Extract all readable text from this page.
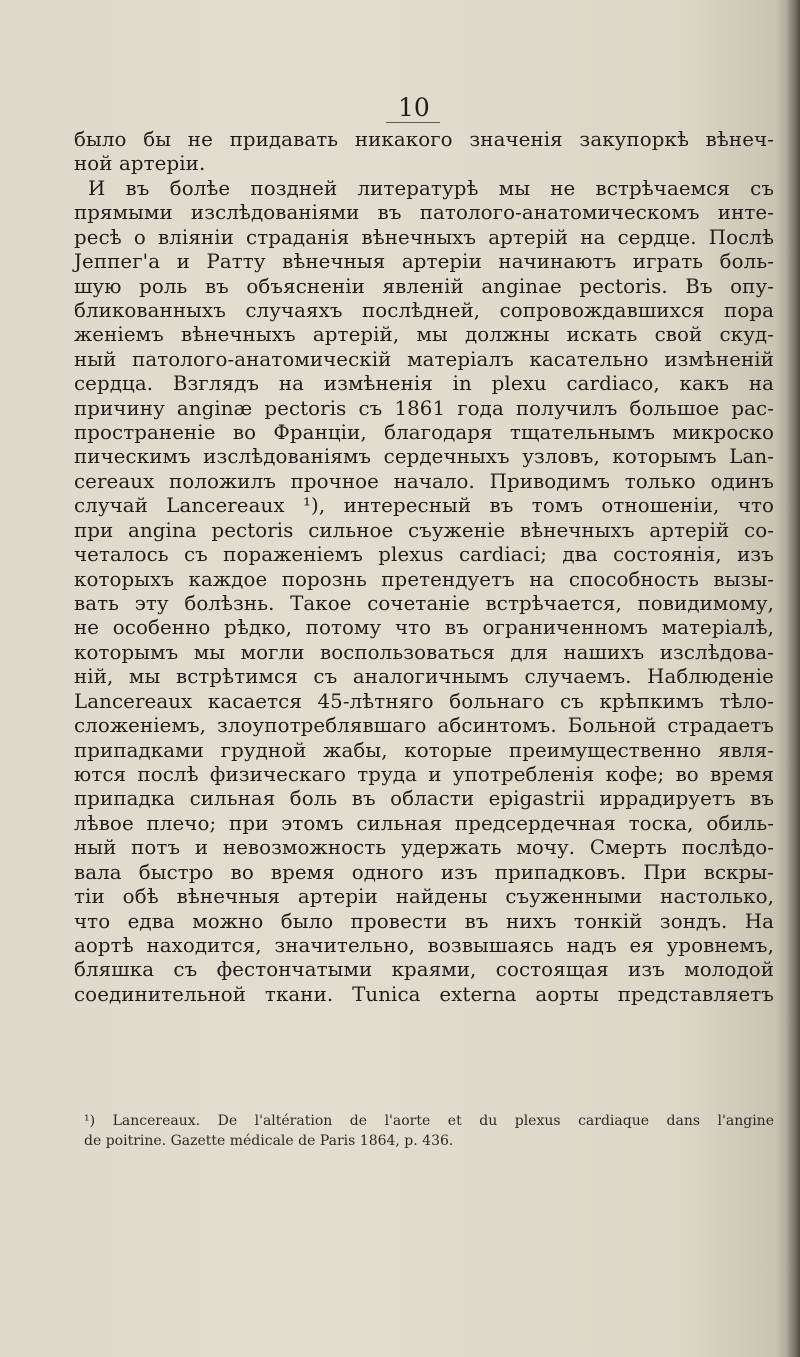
10
было бы не придавать никакого значенія закупоркѣ вѣнеч-
ной артеріи.
И въ болѣе поздней литературѣ мы не встрѣчаемся съ
прямыми изслѣдованіями въ патолого-анатомическомъ инте-
ресѣ о вліяніи страданія вѣнечныхъ артерій на сердце. Послѣ
Јеппег'а и Ратту вѣнечныя артеріи начинаютъ играть боль-
шую роль въ объясненіи явленій anginae pectoris. Въ опу-
бликованныхъ случаяхъ послѣдней, сопровождавшихся пора
женіемъ вѣнечныхъ артерій, мы должны искать свой скуд-
ный патолого-анатомическій матеріалъ касательно измѣненій
сердца. Взглядъ на измѣненія in plexu cardiaco, какъ на
причину anginæ pectoris съ 1861 года получилъ большое рас-
пространеніе во Франціи, благодаря тщательнымъ микроско
пическимъ изслѣдованіямъ сердечныхъ узловъ, которымъ Lan-
cereaux положилъ прочное начало. Приводимъ только одинъ
случай Lancereaux ¹), интересный въ томъ отношеніи, что
при angina pectoris сильное съуженіе вѣнечныхъ артерій со-
четалось съ пораженіемъ plexus cardiaci; два состоянія, изъ
которыхъ каждое порознь претендуетъ на способность вызы-
вать эту болѣзнь. Такое сочетаніе встрѣчается, повидимому,
не особенно рѣдко, потому что въ ограниченномъ матеріалѣ,
которымъ мы могли воспользоваться для нашихъ изслѣдова-
ній, мы встрѣтимся съ аналогичнымъ случаемъ. Наблюденіе
Lancereaux касается 45-лѣтняго больнаго съ крѣпкимъ тѣло-
сложеніемъ, злоупотреблявшаго абсинтомъ. Больной страдаетъ
припадками грудной жабы, которые преимущественно явля-
ются послѣ физическаго труда и употребленія кофе; во время
припадка сильная боль въ области epigastrii иррадируетъ въ
лѣвое плечо; при этомъ сильная предсердечная тоска, обиль-
ный потъ и невозможность удержать мочу. Смерть послѣдо-
вала быстро во время одного изъ припадковъ. При вскры-
тіи обѣ вѣнечныя артеріи найдены съуженными настолько,
что едва можно было провести въ нихъ тонкій зондъ. На
аортѣ находится, значительно, возвышаясь надъ ея уровнемъ,
бляшка съ фестончатыми краями, состоящая изъ молодой
соединительной ткани. Tunica externa аорты представляетъ
¹) Lancereaux. De l'altération de l'aorte et du plexus cardiaque dans l'angine
de poitrine. Gazette médicale de Paris 1864, p. 436.
